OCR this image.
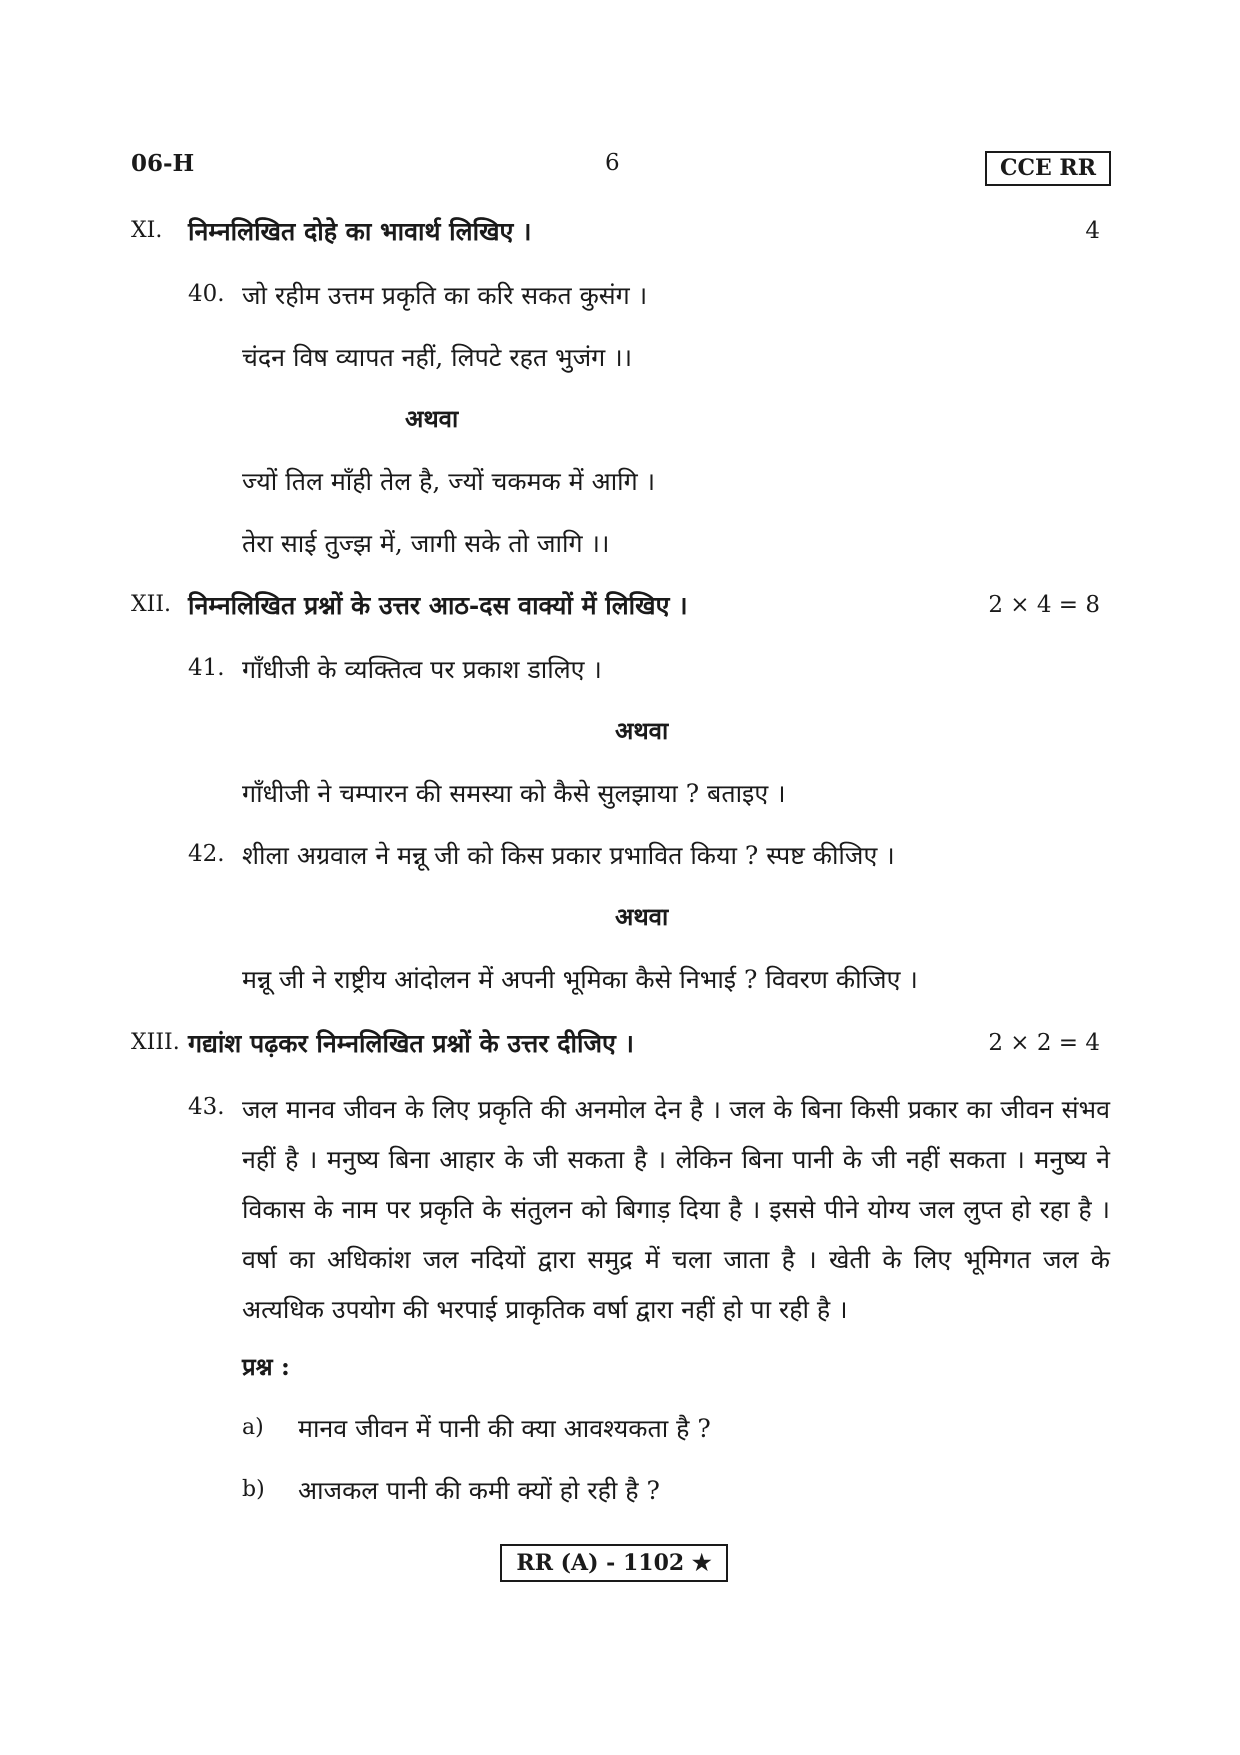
06-H	6	CCE RR
XI. निम्नलिखित दोहे का भावार्थ लिखिए ।	4
40. जो रहीम उत्तम प्रकृति का करि सकत कुसंग ।
चंदन विष व्यापत नहीं, लिपटे रहत भुजंग ।।
अथवा
ज्यों तिल माँही तेल है, ज्यों चकमक में आगि ।
तेरा साई तुज्झ में, जागी सके तो जागि ।।
XII. निम्नलिखित प्रश्नों के उत्तर आठ-दस वाक्यों में लिखिए ।	2 × 4 = 8
41. गाँधीजी के व्यक्तित्व पर प्रकाश डालिए ।
अथवा
गाँधीजी ने चम्पारन की समस्या को कैसे सुलझाया ? बताइए ।
42. शीला अग्रवाल ने मन्नू जी को किस प्रकार प्रभावित किया ? स्पष्ट कीजिए ।
अथवा
मन्नू जी ने राष्ट्रीय आंदोलन में अपनी भूमिका कैसे निभाई ? विवरण कीजिए ।
XIII. गद्यांश पढ़कर निम्नलिखित प्रश्नों के उत्तर दीजिए ।	2 × 2 = 4
43. जल मानव जीवन के लिए प्रकृति की अनमोल देन है । जल के बिना किसी प्रकार का जीवन संभव नहीं है । मनुष्य बिना आहार के जी सकता है । लेकिन बिना पानी के जी नहीं सकता । मनुष्य ने विकास के नाम पर प्रकृति के संतुलन को बिगाड़ दिया है । इससे पीने योग्य जल लुप्त हो रहा है । वर्षा का अधिकांश जल नदियों द्वारा समुद्र में चला जाता है । खेती के लिए भूमिगत जल के अत्यधिक उपयोग की भरपाई प्राकृतिक वर्षा द्वारा नहीं हो पा रही है ।
प्रश्न :
a) मानव जीवन में पानी की क्या आवश्यकता है ?
b) आजकल पानी की कमी क्यों हो रही है ?
RR (A) - 1102 ★
